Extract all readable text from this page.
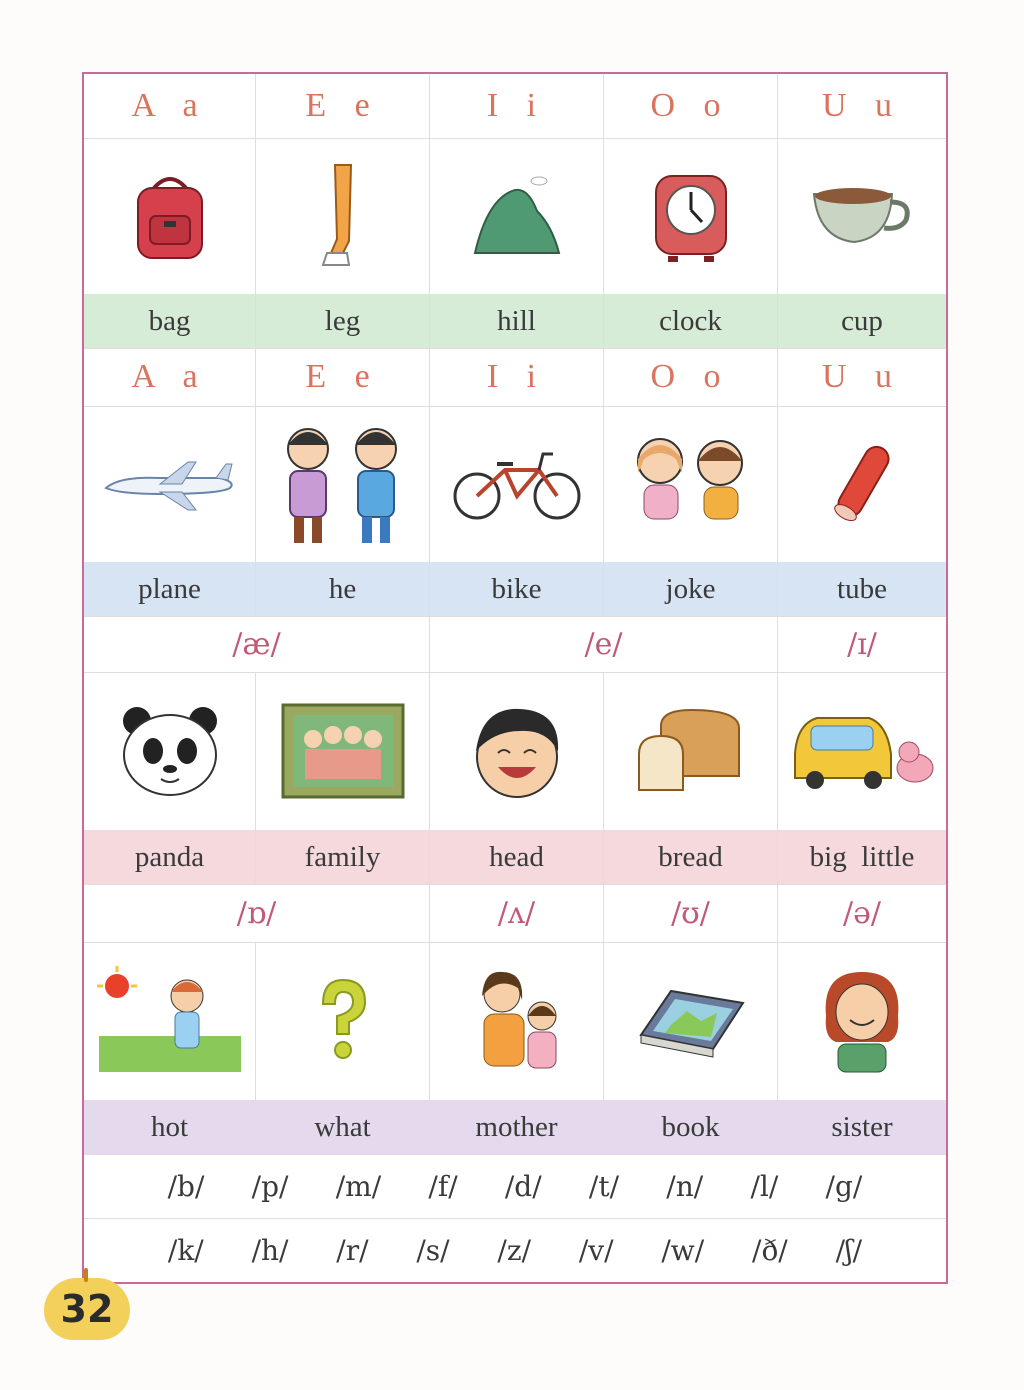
A a	E e	I i	O o	U u
bag	leg	hill	clock	cup
A a	E e	I i	O o	U u
plane	he	bike	joke	tube
/æ/	/e/	/ɪ/
panda	family	head	bread	big  little
/ɒ/	/ʌ/	/ʊ/	/ə/
hot	what	mother	book	sister
/b/ /p/ /m/ /f/ /d/ /t/ /n/ /l/ /g/
/k/ /h/ /r/ /s/ /z/ /v/ /w/ /ð/ /ʃ/
32
